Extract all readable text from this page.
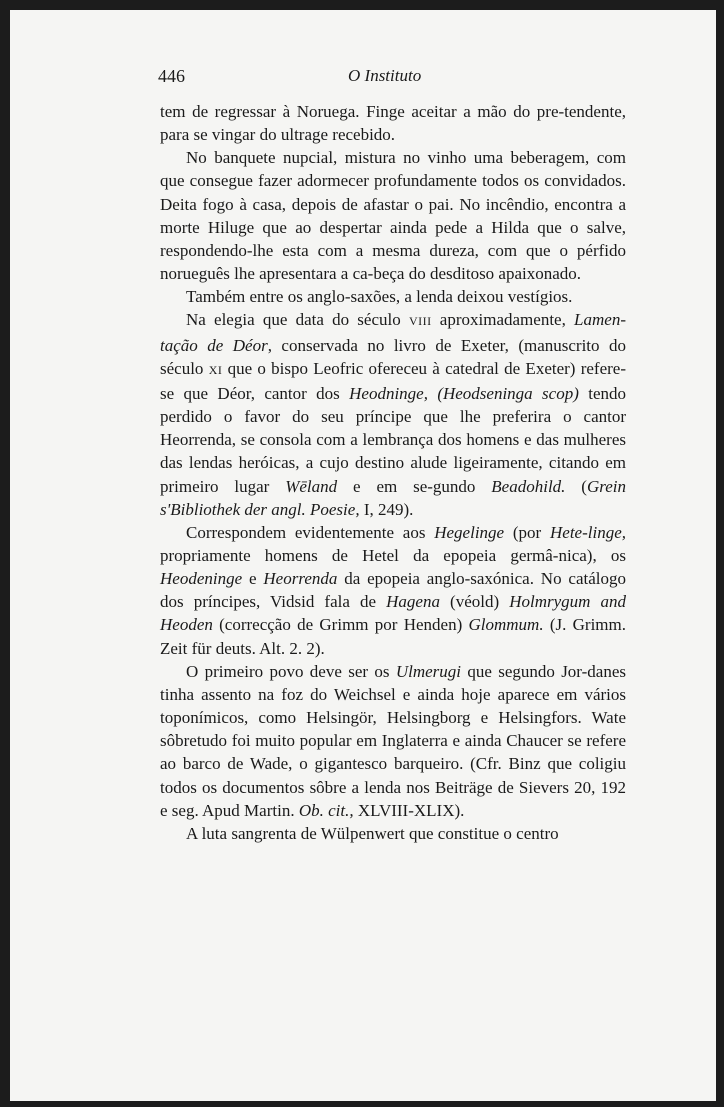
446	O Instituto

tem de regressar à Noruega. Finge aceitar a mão do pre-tendente, para se vingar do ultrage recebido.

No banquete nupcial, mistura no vinho uma beberagem, com que consegue fazer adormecer profundamente todos os convidados. Deita fogo à casa, depois de afastar o pai. No incêndio, encontra a morte Hiluge que ao despertar ainda pede a Hilda que o salve, respondendo-lhe esta com a mesma dureza, com que o pérfido norueguês lhe apresentara a ca-beça do desditoso apaixonado.

Também entre os anglo-saxões, a lenda deixou vestígios.

Na elegia que data do século VIII aproximadamente, Lamen-tação de Déor, conservada no livro de Exeter, (manuscrito do século XI que o bispo Leofric ofereceu à catedral de Exeter) refere-se que Déor, cantor dos Heodninge, (Heodseninga scop) tendo perdido o favor do seu príncipe que lhe preferira o cantor Heorrenda, se consola com a lembrança dos homens e das mulheres das lendas heróicas, a cujo destino alude ligeiramente, citando em primeiro lugar Wēland e em se-gundo Beadohild. (Grein s'Bibliothek der angl. Poesie, I, 249).

Correspondem evidentemente aos Hegelinge (por Hete-linge, propriamente homens de Hetel da epopeia germâ-nica), os Heodeninge e Heorrenda da epopeia anglo-saxónica. No catálogo dos príncipes, Vidsid fala de Hagena (véold) Holmrygum and Heoden (correcção de Grimm por Henden) Glommum. (J. Grimm. Zeit für deuts. Alt. 2. 2).

O primeiro povo deve ser os Ulmerugi que segundo Jor-danes tinha assento na foz do Weichsel e ainda hoje aparece em vários toponímicos, como Helsingör, Helsingborg e Helsingfors. Wate sôbretudo foi muito popular em Inglaterra e ainda Chaucer se refere ao barco de Wade, o gigantesco barqueiro. (Cfr. Binz que coligiu todos os documentos sôbre a lenda nos Beiträge de Sievers 20, 192 e seg. Apud Martin. Ob. cit., XLVIII-XLIX).

A luta sangrenta de Wülpenwert que constitue o centro
